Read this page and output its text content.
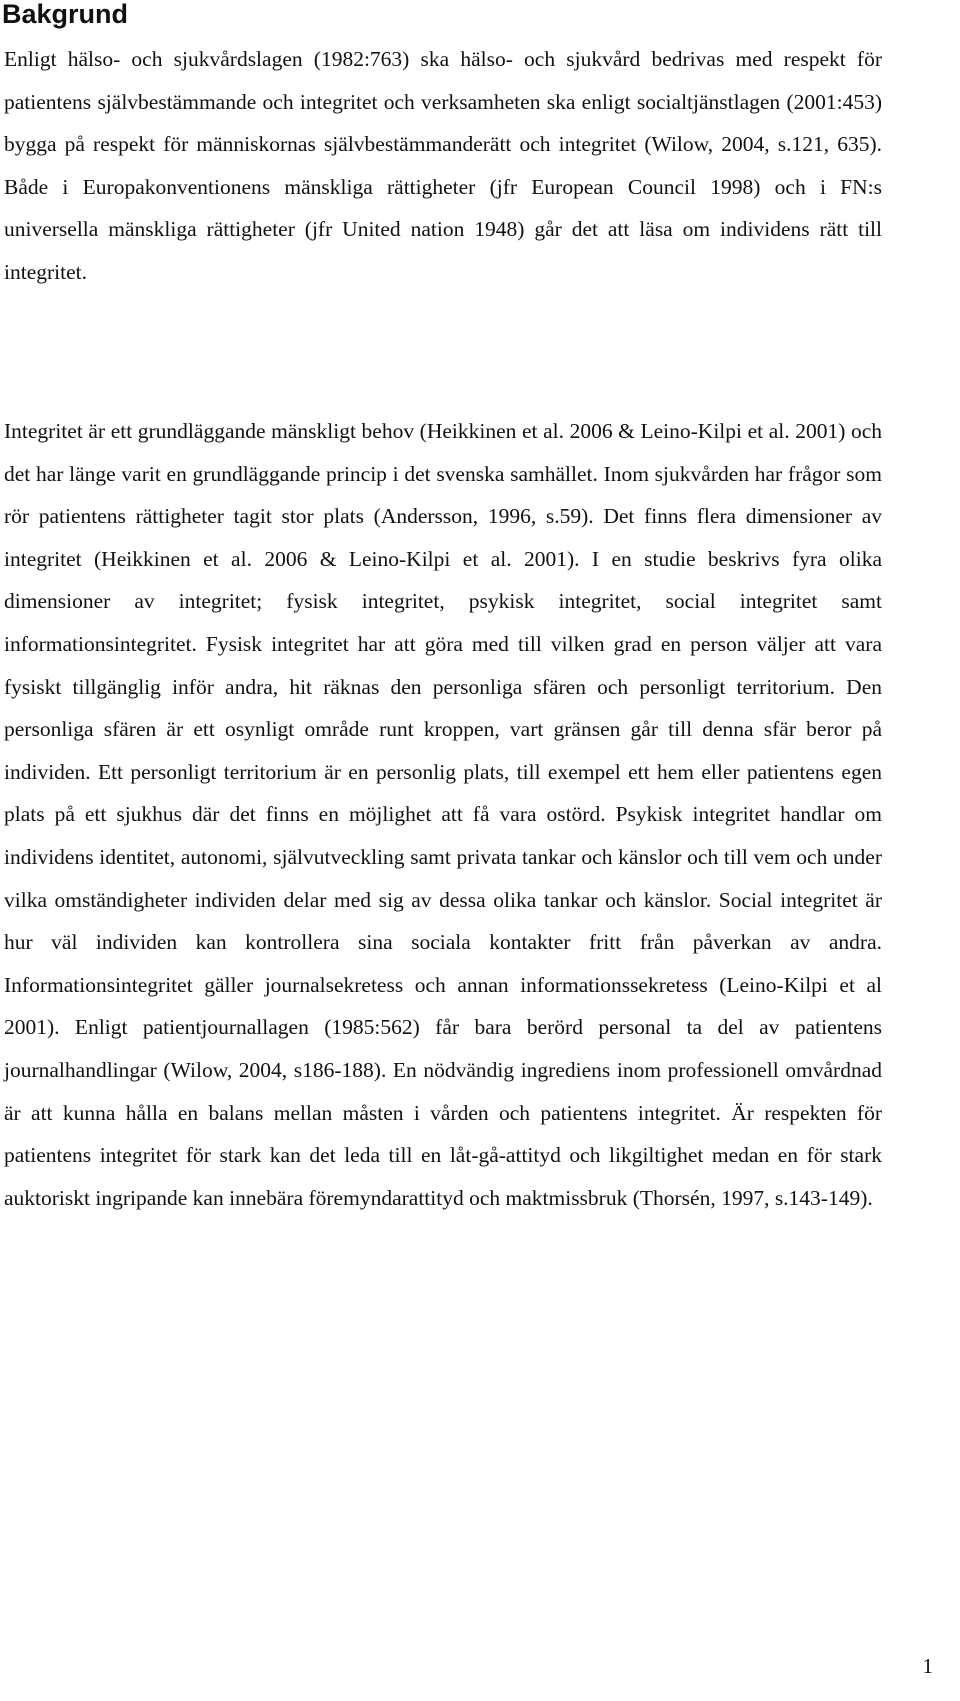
Bakgrund

Enligt hälso- och sjukvårdslagen (1982:763) ska hälso- och sjukvård bedrivas med respekt för patientens självbestämmande och integritet och verksamheten ska enligt socialtjänstlagen (2001:453) bygga på respekt för människornas självbestämmanderätt och integritet (Wilow, 2004, s.121, 635). Både i Europakonventionens mänskliga rättigheter (jfr European Council 1998) och i FN:s universella mänskliga rättigheter (jfr United nation 1948) går det att läsa om individens rätt till integritet.

Integritet är ett grundläggande mänskligt behov (Heikkinen et al. 2006 & Leino-Kilpi et al. 2001) och det har länge varit en grundläggande princip i det svenska samhället. Inom sjukvården har frågor som rör patientens rättigheter tagit stor plats (Andersson, 1996, s.59). Det finns flera dimensioner av integritet (Heikkinen et al. 2006 & Leino-Kilpi et al. 2001). I en studie beskrivs fyra olika dimensioner av integritet; fysisk integritet, psykisk integritet, social integritet samt informationsintegritet. Fysisk integritet har att göra med till vilken grad en person väljer att vara fysiskt tillgänglig inför andra, hit räknas den personliga sfären och personligt territorium. Den personliga sfären är ett osynligt område runt kroppen, vart gränsen går till denna sfär beror på individen. Ett personligt territorium är en personlig plats, till exempel ett hem eller patientens egen plats på ett sjukhus där det finns en möjlighet att få vara ostörd. Psykisk integritet handlar om individens identitet, autonomi, självutveckling samt privata tankar och känslor och till vem och under vilka omständigheter individen delar med sig av dessa olika tankar och känslor. Social integritet är hur väl individen kan kontrollera sina sociala kontakter fritt från påverkan av andra. Informationsintegritet gäller journalsekretess och annan informationssekretess (Leino-Kilpi et al 2001). Enligt patientjournallagen (1985:562) får bara berörd personal ta del av patientens journalhandlingar (Wilow, 2004, s186-188). En nödvändig ingrediens inom professionell omvårdnad är att kunna hålla en balans mellan måsten i vården och patientens integritet. Är respekten för patientens integritet för stark kan det leda till en låt-gå-attityd och likgiltighet medan en för stark auktoriskt ingripande kan innebära föremyndarattityd och maktmissbruk (Thorsén, 1997, s.143-149).

1
